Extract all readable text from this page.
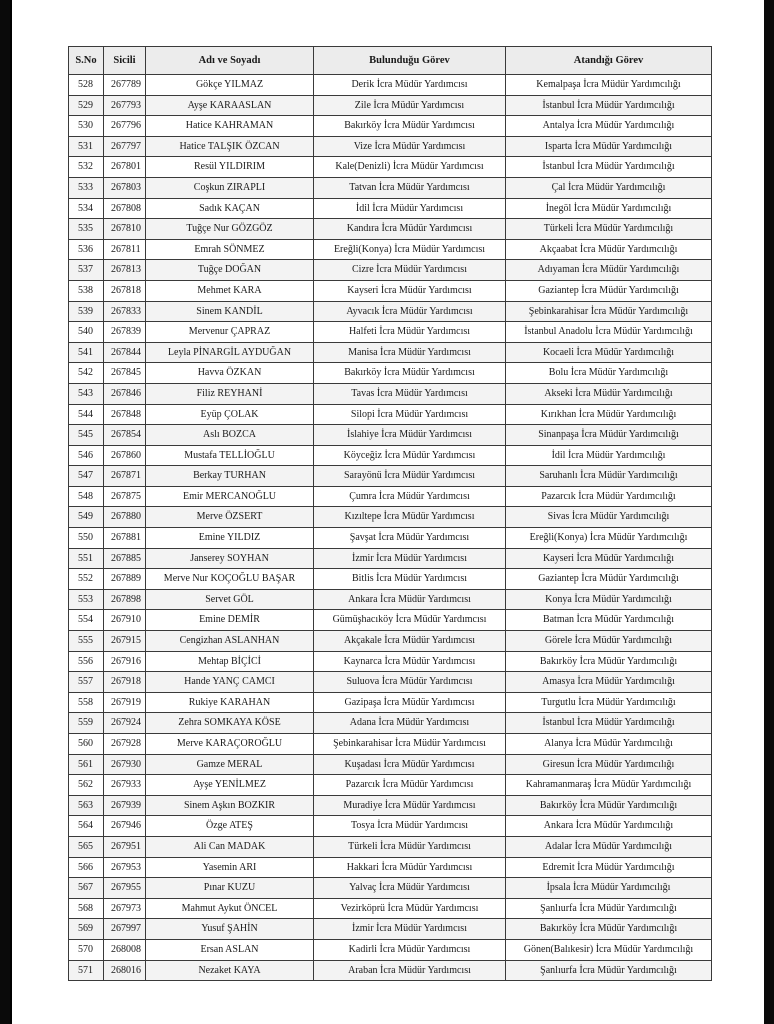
S.No	Sicili	Adı ve Soyadı	Bulunduğu Görev	Atandığı Görev
528	267789	Gökçe YILMAZ	Derik İcra Müdür Yardımcısı	Kemalpaşa İcra Müdür Yardımcılığı
529	267793	Ayşe KARAASLAN	Zile İcra Müdür Yardımcısı	İstanbul İcra Müdür Yardımcılığı
530	267796	Hatice KAHRAMAN	Bakırköy İcra Müdür Yardımcısı	Antalya İcra Müdür Yardımcılığı
531	267797	Hatice TALŞIK ÖZCAN	Vize İcra Müdür Yardımcısı	Isparta İcra Müdür Yardımcılığı
532	267801	Resül YILDIRIM	Kale(Denizli) İcra Müdür Yardımcısı	İstanbul İcra Müdür Yardımcılığı
533	267803	Coşkun ZIRAPLI	Tatvan İcra Müdür Yardımcısı	Çal İcra Müdür Yardımcılığı
534	267808	Sadık KAÇAN	İdil İcra Müdür Yardımcısı	İnegöl İcra Müdür Yardımcılığı
535	267810	Tuğçe Nur GÖZGÖZ	Kandıra İcra Müdür Yardımcısı	Türkeli İcra Müdür Yardımcılığı
536	267811	Emrah SÖNMEZ	Ereğli(Konya) İcra Müdür Yardımcısı	Akçaabat İcra Müdür Yardımcılığı
537	267813	Tuğçe DOĞAN	Cizre İcra Müdür Yardımcısı	Adıyaman İcra Müdür Yardımcılığı
538	267818	Mehmet KARA	Kayseri İcra Müdür Yardımcısı	Gaziantep İcra Müdür Yardımcılığı
539	267833	Sinem KANDİL	Ayvacık İcra Müdür Yardımcısı	Şebinkarahisar İcra Müdür Yardımcılığı
540	267839	Mervenur ÇAPRAZ	Halfeti İcra Müdür Yardımcısı	İstanbul Anadolu İcra Müdür Yardımcılığı
541	267844	Leyla PİNARGİL AYDUĞAN	Manisa İcra Müdür Yardımcısı	Kocaeli İcra Müdür Yardımcılığı
542	267845	Havva ÖZKAN	Bakırköy İcra Müdür Yardımcısı	Bolu İcra Müdür Yardımcılığı
543	267846	Filiz REYHANİ	Tavas İcra Müdür Yardımcısı	Akseki İcra Müdür Yardımcılığı
544	267848	Eyüp ÇOLAK	Silopi İcra Müdür Yardımcısı	Kırıkhan İcra Müdür Yardımcılığı
545	267854	Aslı BOZCA	İslahiye İcra Müdür Yardımcısı	Sinanpaşa İcra Müdür Yardımcılığı
546	267860	Mustafa TELLİOĞLU	Köyceğiz İcra Müdür Yardımcısı	İdil İcra Müdür Yardımcılığı
547	267871	Berkay TURHAN	Sarayönü İcra Müdür Yardımcısı	Saruhanlı İcra Müdür Yardımcılığı
548	267875	Emir MERCANOĞLU	Çumra İcra Müdür Yardımcısı	Pazarcık İcra Müdür Yardımcılığı
549	267880	Merve ÖZSERT	Kızıltepe İcra Müdür Yardımcısı	Sivas İcra Müdür Yardımcılığı
550	267881	Emine YILDIZ	Şavşat İcra Müdür Yardımcısı	Ereğli(Konya) İcra Müdür Yardımcılığı
551	267885	Janserey SOYHAN	İzmir İcra Müdür Yardımcısı	Kayseri İcra Müdür Yardımcılığı
552	267889	Merve Nur KOÇOĞLU BAŞAR	Bitlis İcra Müdür Yardımcısı	Gaziantep İcra Müdür Yardımcılığı
553	267898	Servet GÖL	Ankara İcra Müdür Yardımcısı	Konya İcra Müdür Yardımcılığı
554	267910	Emine DEMİR	Gümüşhacıköy İcra Müdür Yardımcısı	Batman İcra Müdür Yardımcılığı
555	267915	Cengizhan ASLANHAN	Akçakale İcra Müdür Yardımcısı	Görele İcra Müdür Yardımcılığı
556	267916	Mehtap BİÇİCİ	Kaynarca İcra Müdür Yardımcısı	Bakırköy İcra Müdür Yardımcılığı
557	267918	Hande YANÇ CAMCI	Suluova İcra Müdür Yardımcısı	Amasya İcra Müdür Yardımcılığı
558	267919	Rukiye KARAHAN	Gazipaşa İcra Müdür Yardımcısı	Turgutlu İcra Müdür Yardımcılığı
559	267924	Zehra SOMKAYA KÖSE	Adana İcra Müdür Yardımcısı	İstanbul İcra Müdür Yardımcılığı
560	267928	Merve KARAÇOROĞLU	Şebinkarahisar İcra Müdür Yardımcısı	Alanya İcra Müdür Yardımcılığı
561	267930	Gamze MERAL	Kuşadası İcra Müdür Yardımcısı	Giresun İcra Müdür Yardımcılığı
562	267933	Ayşe YENİLMEZ	Pazarcık İcra Müdür Yardımcısı	Kahramanmaraş İcra Müdür Yardımcılığı
563	267939	Sinem Aşkın BOZKIR	Muradiye İcra Müdür Yardımcısı	Bakırköy İcra Müdür Yardımcılığı
564	267946	Özge ATEŞ	Tosya İcra Müdür Yardımcısı	Ankara İcra Müdür Yardımcılığı
565	267951	Ali Can MADAK	Türkeli İcra Müdür Yardımcısı	Adalar İcra Müdür Yardımcılığı
566	267953	Yasemin ARI	Hakkari İcra Müdür Yardımcısı	Edremit İcra Müdür Yardımcılığı
567	267955	Pınar KUZU	Yalvaç İcra Müdür Yardımcısı	İpsala İcra Müdür Yardımcılığı
568	267973	Mahmut Aykut ÖNCEL	Vezirköprü İcra Müdür Yardımcısı	Şanlıurfa İcra Müdür Yardımcılığı
569	267997	Yusuf ŞAHİN	İzmir İcra Müdür Yardımcısı	Bakırköy İcra Müdür Yardımcılığı
570	268008	Ersan ASLAN	Kadirli İcra Müdür Yardımcısı	Gönen(Balıkesir) İcra Müdür Yardımcılığı
571	268016	Nezaket KAYA	Araban İcra Müdür Yardımcısı	Şanlıurfa İcra Müdür Yardımcılığı
